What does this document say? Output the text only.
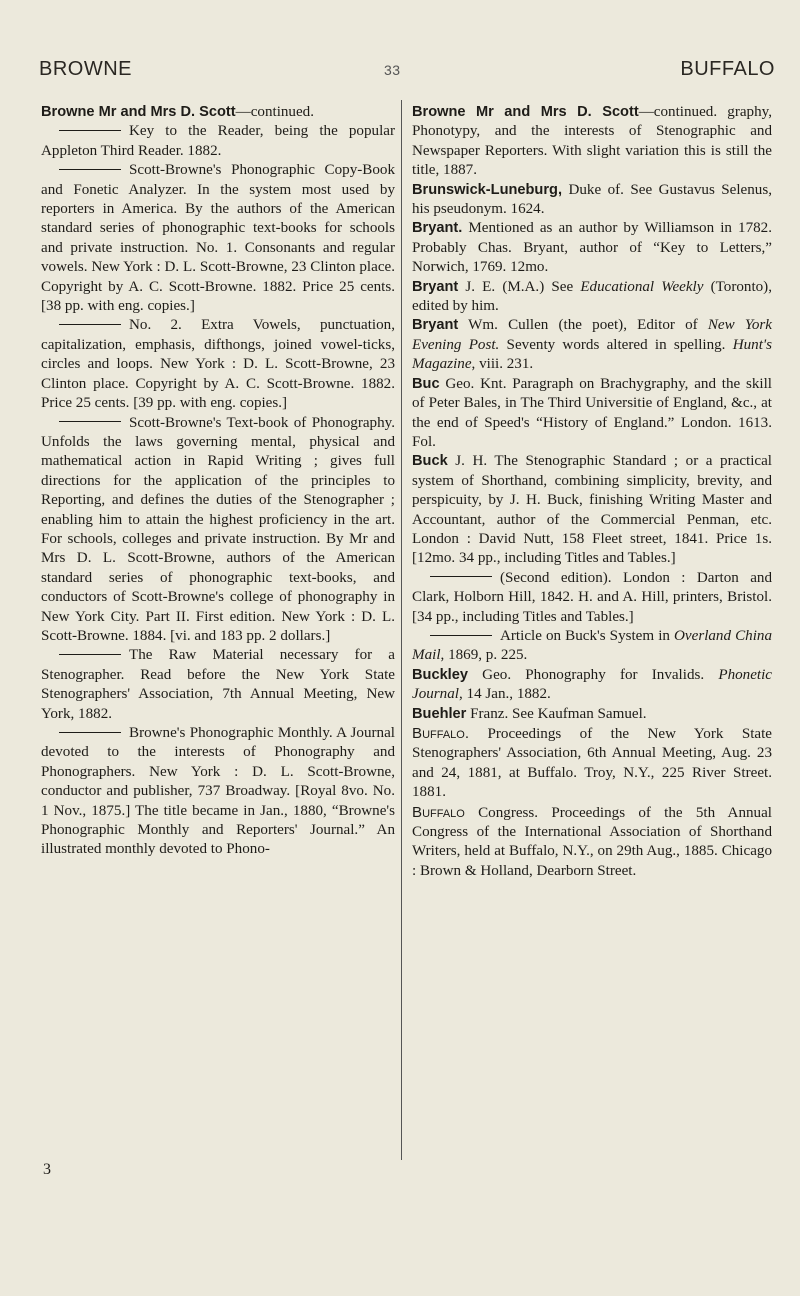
BROWNE	33	BUFFALO

Browne Mr and Mrs D. Scott—continued.

Key to the Reader, being the popular Appleton Third Reader. 1882.

Scott-Browne's Phonographic Copy-Book and Fonetic Analyzer. In the system most used by reporters in America. By the authors of the American standard series of phonographic text-books for schools and private instruction. No. 1. Consonants and regular vowels. New York : D. L. Scott-Browne, 23 Clinton place. Copyright by A. C. Scott-Browne. 1882. Price 25 cents. [38 pp. with eng. copies.]

No. 2. Extra Vowels, punctuation, capitalization, emphasis, difthongs, joined vowel-ticks, circles and loops. New York : D. L. Scott-Browne, 23 Clinton place. Copyright by A. C. Scott-Browne. 1882. Price 25 cents. [39 pp. with eng. copies.]

Scott-Browne's Text-book of Phonography. Unfolds the laws governing mental, physical and mathematical action in Rapid Writing ; gives full directions for the application of the principles to Reporting, and defines the duties of the Stenographer ; enabling him to attain the highest proficiency in the art. For schools, colleges and private instruction. By Mr and Mrs D. L. Scott-Browne, authors of the American standard series of phonographic text-books, and conductors of Scott-Browne's college of phonography in New York City. Part II. First edition. New York : D. L. Scott-Browne. 1884. [vi. and 183 pp. 2 dollars.]

The Raw Material necessary for a Stenographer. Read before the New York State Stenographers' Association, 7th Annual Meeting, New York, 1882.

Browne's Phonographic Monthly. A Journal devoted to the interests of Phonography and Phonographers. New York : D. L. Scott-Browne, conductor and publisher, 737 Broadway. [Royal 8vo. No. 1 Nov., 1875.] The title became in Jan., 1880, “Browne's Phonographic Monthly and Reporters' Journal.” An illustrated monthly devoted to Phono-

Browne Mr and Mrs D. Scott—continued. graphy, Phonotypy, and the interests of Stenographic and Newspaper Reporters. With slight variation this is still the title, 1887.

Brunswick-Luneburg, Duke of. See Gustavus Selenus, his pseudonym. 1624.

Bryant. Mentioned as an author by Williamson in 1782. Probably Chas. Bryant, author of “Key to Letters,” Norwich, 1769. 12mo.

Bryant J. E. (M.A.) See Educational Weekly (Toronto), edited by him.

Bryant Wm. Cullen (the poet), Editor of New York Evening Post. Seventy words altered in spelling. Hunt's Magazine, viii. 231.

Buc Geo. Knt. Paragraph on Brachygraphy, and the skill of Peter Bales, in The Third Universitie of England, &c., at the end of Speed's “History of England.” London. 1613. Fol.

Buck J. H. The Stenographic Standard ; or a practical system of Shorthand, combining simplicity, brevity, and perspicuity, by J. H. Buck, finishing Writing Master and Accountant, author of the Commercial Penman, etc. London : David Nutt, 158 Fleet street, 1841. Price 1s. [12mo. 34 pp., including Titles and Tables.]

(Second edition). London : Darton and Clark, Holborn Hill, 1842. H. and A. Hill, printers, Bristol. [34 pp., including Titles and Tables.]

Article on Buck's System in Overland China Mail, 1869, p. 225.

Buckley Geo. Phonography for Invalids. Phonetic Journal, 14 Jan., 1882.

Buehler Franz. See Kaufman Samuel.

Buffalo. Proceedings of the New York State Stenographers' Association, 6th Annual Meeting, Aug. 23 and 24, 1881, at Buffalo. Troy, N.Y., 225 River Street. 1881.

Buffalo Congress. Proceedings of the 5th Annual Congress of the International Association of Shorthand Writers, held at Buffalo, N.Y., on 29th Aug., 1885. Chicago : Brown & Holland, Dearborn Street.

3
